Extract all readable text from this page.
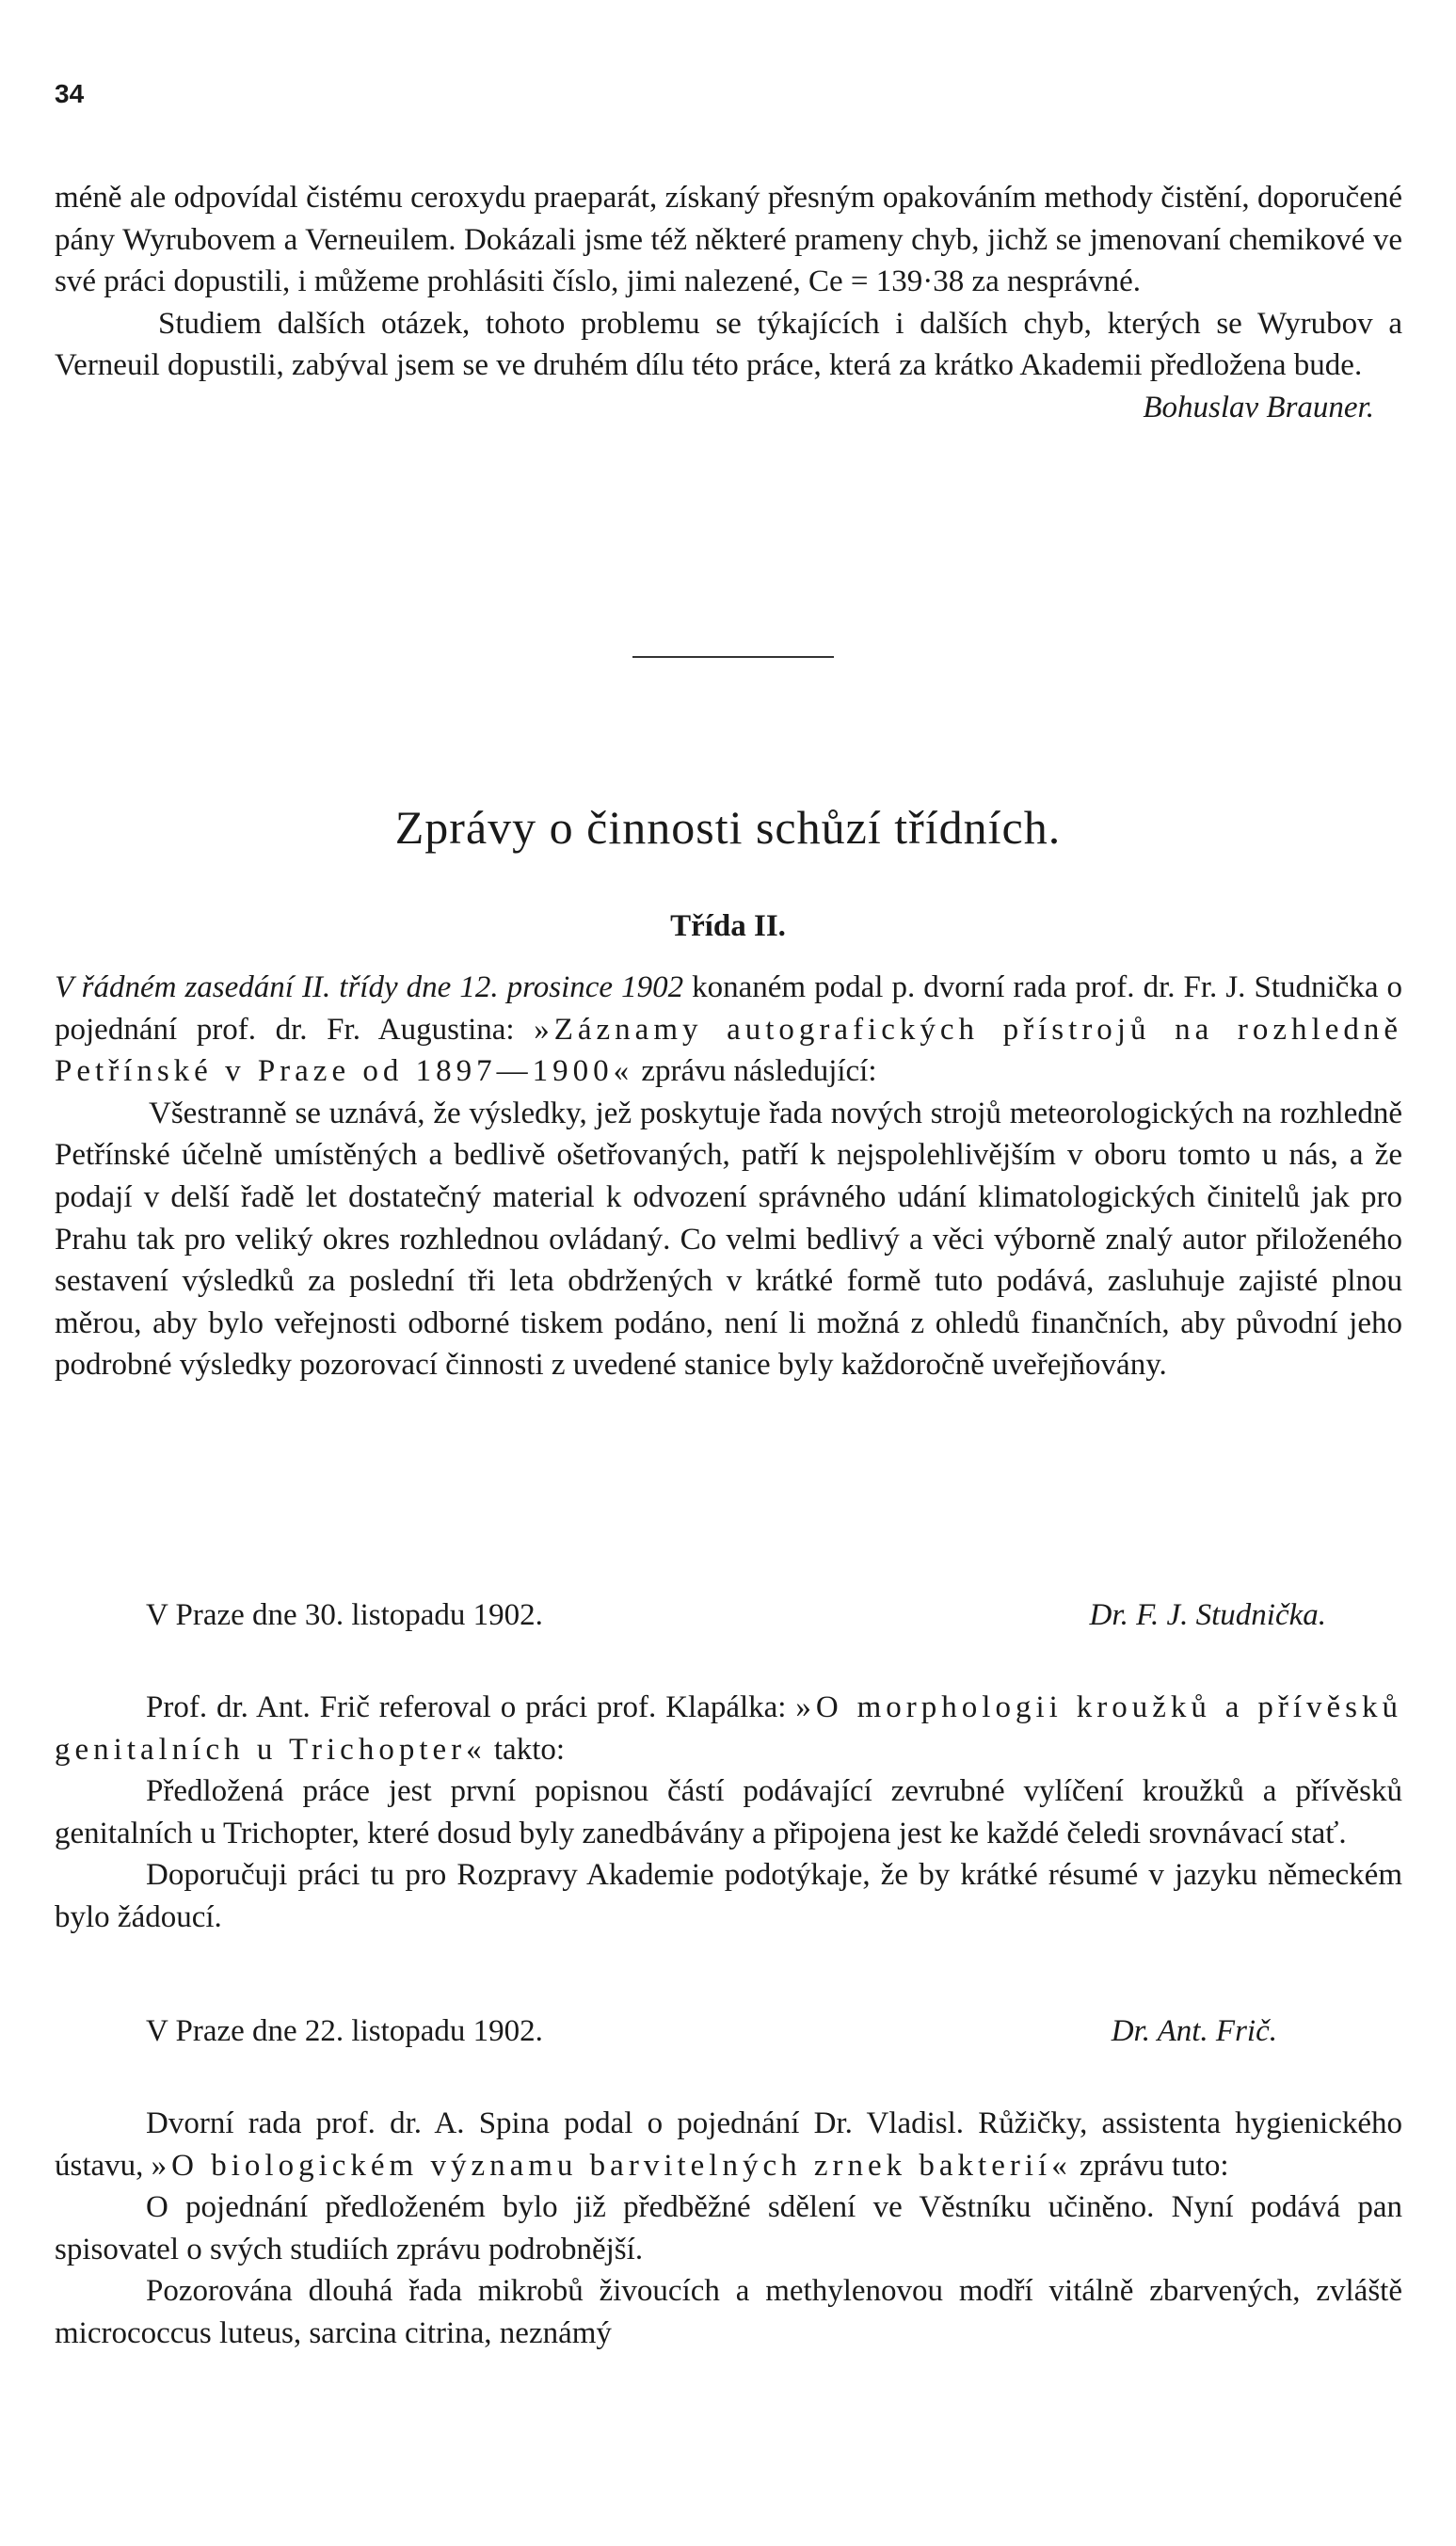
34

méně ale odpovídal čistému ceroxydu praeparát, získaný přesným opakováním methody čistění, doporučené pány Wyrubovem a Verneuilem. Dokázali jsme též některé prameny chyb, jichž se jmenovaní chemikové ve své práci dopustili, i můžeme prohlásiti číslo, jimi nalezené, Ce = 139·38 za nesprávné.

Studiem dalších otázek, tohoto problemu se týkajících i dalších chyb, kterých se Wyrubov a Verneuil dopustili, zabýval jsem se ve druhém dílu této práce, která za krátko Akademii předložena bude.

Bohuslav Brauner.

Zprávy o činnosti schůzí třídních.
Třída II.

V řádném zasedání II. třídy dne 12. prosince 1902 konaném podal p. dvorní rada prof. dr. Fr. J. Studnička o pojednání prof. dr. Fr. Augustina: »Záznamy autografických přístrojů na rozhledně Petřínské v Praze od 1897—1900« zprávu následující:

Všestranně se uznává, že výsledky, jež poskytuje řada nových strojů meteorologických na rozhledně Petřínské účelně umístěných a bedlivě ošetřovaných, patří k nejspolehlivějším v oboru tomto u nás, a že podají v delší řadě let dostatečný material k odvození správného udání klimatologických činitelů jak pro Prahu tak pro veliký okres rozhlednou ovládaný. Co velmi bedlivý a věci výborně znalý autor přiloženého sestavení výsledků za poslední tři leta obdržených v krátké formě tuto podává, zasluhuje zajisté plnou měrou, aby bylo veřejnosti odborné tiskem podáno, není li možná z ohledů finančních, aby původní jeho podrobné výsledky pozorovací činnosti z uvedené stanice byly každoročně uveřejňovány.

V Praze dne 30. listopadu 1902.	Dr. F. J. Studnička.

Prof. dr. Ant. Frič referoval o práci prof. Klapálka: »O morphologii kroužků a přívěsků genitalních u Trichopter« takto:

Předložená práce jest první popisnou částí podávající zevrubné vylíčení kroužků a přívěsků genitalních u Trichopter, které dosud byly zanedbávány a připojena jest ke každé čeledi srovnávací stať.

Doporučuji práci tu pro Rozpravy Akademie podotýkaje, že by krátké résumé v jazyku německém bylo žádoucí.

V Praze dne 22. listopadu 1902.	Dr. Ant. Frič.

Dvorní rada prof. dr. A. Spina podal o pojednání Dr. Vladisl. Růžičky, assistenta hygienického ústavu, »O biologickém významu barvitelných zrnek bakterií« zprávu tuto:

O pojednání předloženém bylo již předběžné sdělení ve Věstníku učiněno. Nyní podává pan spisovatel o svých studiích zprávu podrobnější.

Pozorována dlouhá řada mikrobů živoucích a methylenovou modří vitálně zbarvených, zvláště micrococcus luteus, sarcina citrina, neznámý
